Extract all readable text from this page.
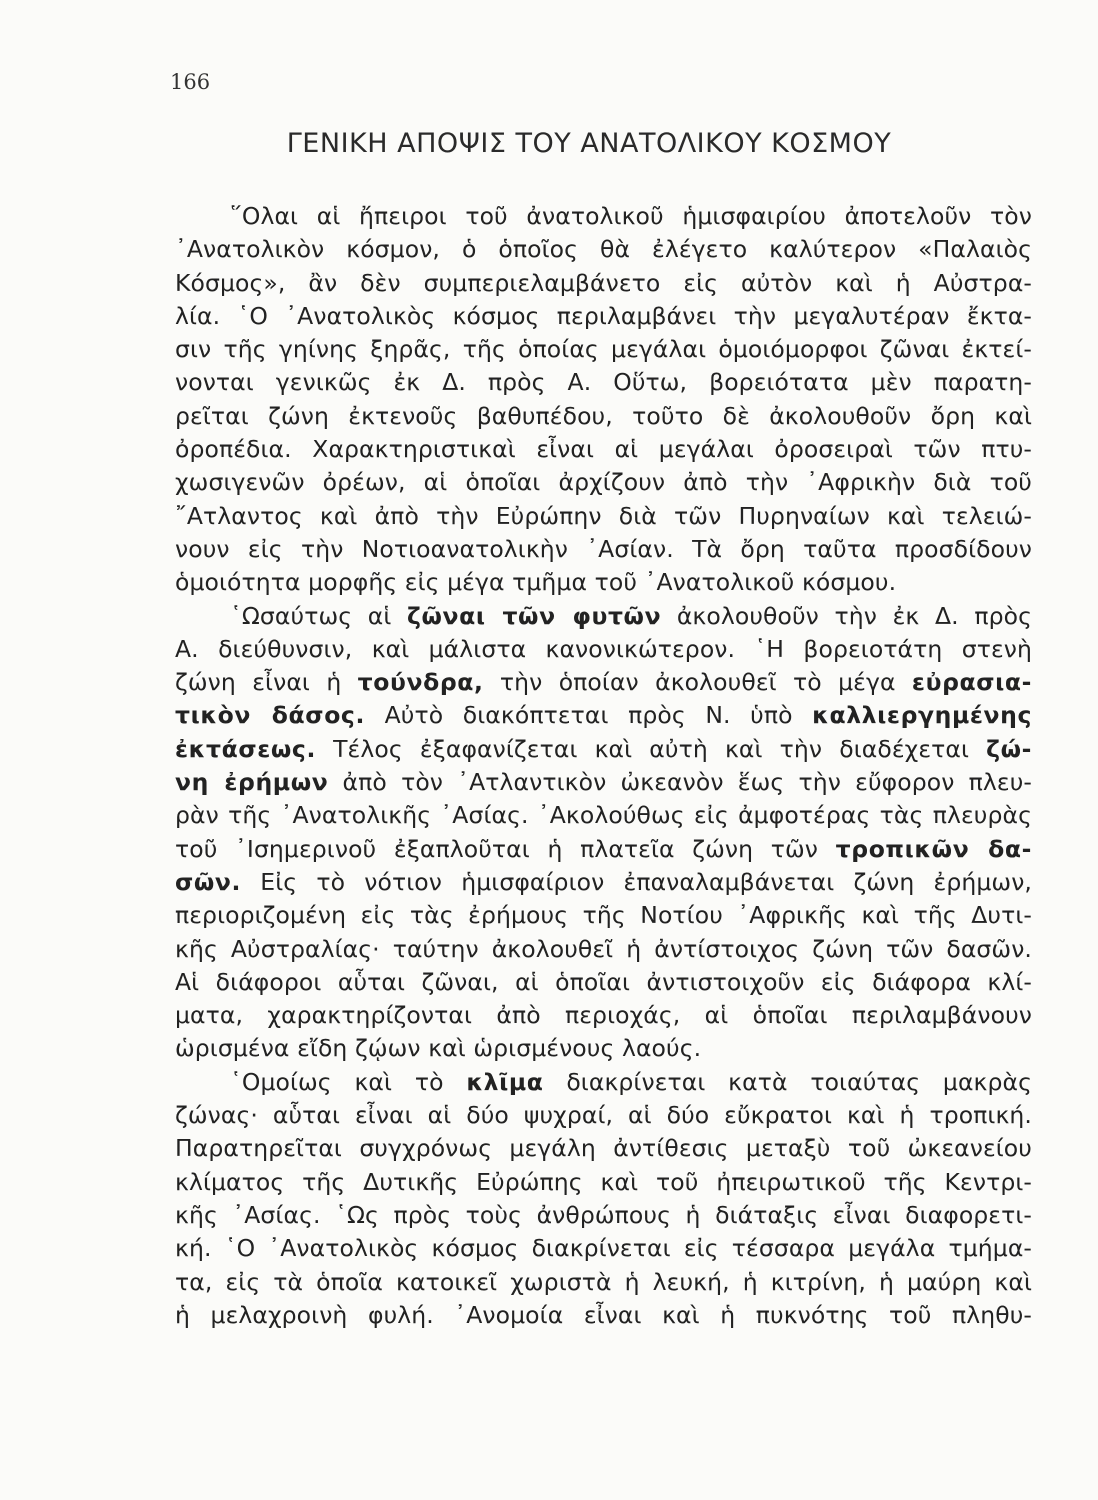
166
ΓΕΝΙΚΗ ΑΠΟΨΙΣ ΤΟΥ ΑΝΑΤΟΛΙΚΟΥ ΚΟΣΜΟΥ
῞Ολαι αἱ ἤπειροι τοῦ ἀνατολικοῦ ἡμισφαιρίου ἀποτελοῦν τὸν
᾿Ανατολικὸν κόσμον, ὁ ὁποῖος θὰ ἐλέγετο καλύτερον «Παλαιὸς
Κόσμος», ἂν δὲν συμπεριελαμβάνετο εἰς αὐτὸν καὶ ἡ Αὐστρα-
λία. ῾Ο ᾿Ανατολικὸς κόσμος περιλαμβάνει τὴν μεγαλυτέραν ἔκτα-
σιν τῆς γηίνης ξηρᾶς, τῆς ὁποίας μεγάλαι ὁμοιόμορφοι ζῶναι ἐκτεί-
νονται γενικῶς ἐκ Δ. πρὸς Α. Οὕτω, βορειότατα μὲν παρατη-
ρεῖται ζώνη ἐκτενοῦς βαθυπέδου, τοῦτο δὲ ἀκολουθοῦν ὄρη καὶ
ὀροπέδια. Χαρακτηριστικαὶ εἶναι αἱ μεγάλαι ὀροσειραὶ τῶν πτυ-
χωσιγενῶν ὀρέων, αἱ ὁποῖαι ἀρχίζουν ἀπὸ τὴν ᾿Αφρικὴν διὰ τοῦ
῎Ατλαντος καὶ ἀπὸ τὴν Εὐρώπην διὰ τῶν Πυρηναίων καὶ τελειώ-
νουν εἰς τὴν Νοτιοανατολικὴν ᾿Ασίαν. Τὰ ὄρη ταῦτα προσδίδουν
ὁμοιότητα μορφῆς εἰς μέγα τμῆμα τοῦ ᾿Ανατολικοῦ κόσμου.
῾Ωσαύτως αἱ ζῶναι τῶν φυτῶν ἀκολουθοῦν τὴν ἐκ Δ. πρὸς
Α. διεύθυνσιν, καὶ μάλιστα κανονικώτερον. ῾Η βορειοτάτη στενὴ
ζώνη εἶναι ἡ τούνδρα, τὴν ὁποίαν ἀκολουθεῖ τὸ μέγα εὐρασια-
τικὸν δάσος. Αὐτὸ διακόπτεται πρὸς Ν. ὑπὸ καλλιεργημένης
ἐκτάσεως. Τέλος ἐξαφανίζεται καὶ αὐτὴ καὶ τὴν διαδέχεται ζώ-
νη ἐρήμων ἀπὸ τὸν ᾿Ατλαντικὸν ὠκεανὸν ἕως τὴν εὔφορον πλευ-
ρὰν τῆς ᾿Ανατολικῆς ᾿Ασίας. ᾿Ακολούθως εἰς ἀμφοτέρας τὰς πλευρὰς
τοῦ ᾿Ισημερινοῦ ἐξαπλοῦται ἡ πλατεῖα ζώνη τῶν τροπικῶν δα-
σῶν. Εἰς τὸ νότιον ἡμισφαίριον ἐπαναλαμβάνεται ζώνη ἐρήμων,
περιοριζομένη εἰς τὰς ἐρήμους τῆς Νοτίου ᾿Αφρικῆς καὶ τῆς Δυτι-
κῆς Αὐστραλίας· ταύτην ἀκολουθεῖ ἡ ἀντίστοιχος ζώνη τῶν δασῶν.
Αἱ διάφοροι αὗται ζῶναι, αἱ ὁποῖαι ἀντιστοιχοῦν εἰς διάφορα κλί-
ματα, χαρακτηρίζονται ἀπὸ περιοχάς, αἱ ὁποῖαι περιλαμβάνουν
ὡρισμένα εἴδη ζῴων καὶ ὡρισμένους λαούς.
῾Ομοίως καὶ τὸ κλῖμα διακρίνεται κατὰ τοιαύτας μακρὰς
ζώνας· αὗται εἶναι αἱ δύο ψυχραί, αἱ δύο εὔκρατοι καὶ ἡ τροπική.
Παρατηρεῖται συγχρόνως μεγάλη ἀντίθεσις μεταξὺ τοῦ ὠκεανείου
κλίματος τῆς Δυτικῆς Εὐρώπης καὶ τοῦ ἠπειρωτικοῦ τῆς Κεντρι-
κῆς ᾿Ασίας. ῾Ως πρὸς τοὺς ἀνθρώπους ἡ διάταξις εἶναι διαφορετι-
κή. ῾Ο ᾿Ανατολικὸς κόσμος διακρίνεται εἰς τέσσαρα μεγάλα τμήμα-
τα, εἰς τὰ ὁποῖα κατοικεῖ χωριστὰ ἡ λευκή, ἡ κιτρίνη, ἡ μαύρη καὶ
ἡ μελαχροινὴ φυλή. ᾿Ανομοία εἶναι καὶ ἡ πυκνότης τοῦ πληθυ-
